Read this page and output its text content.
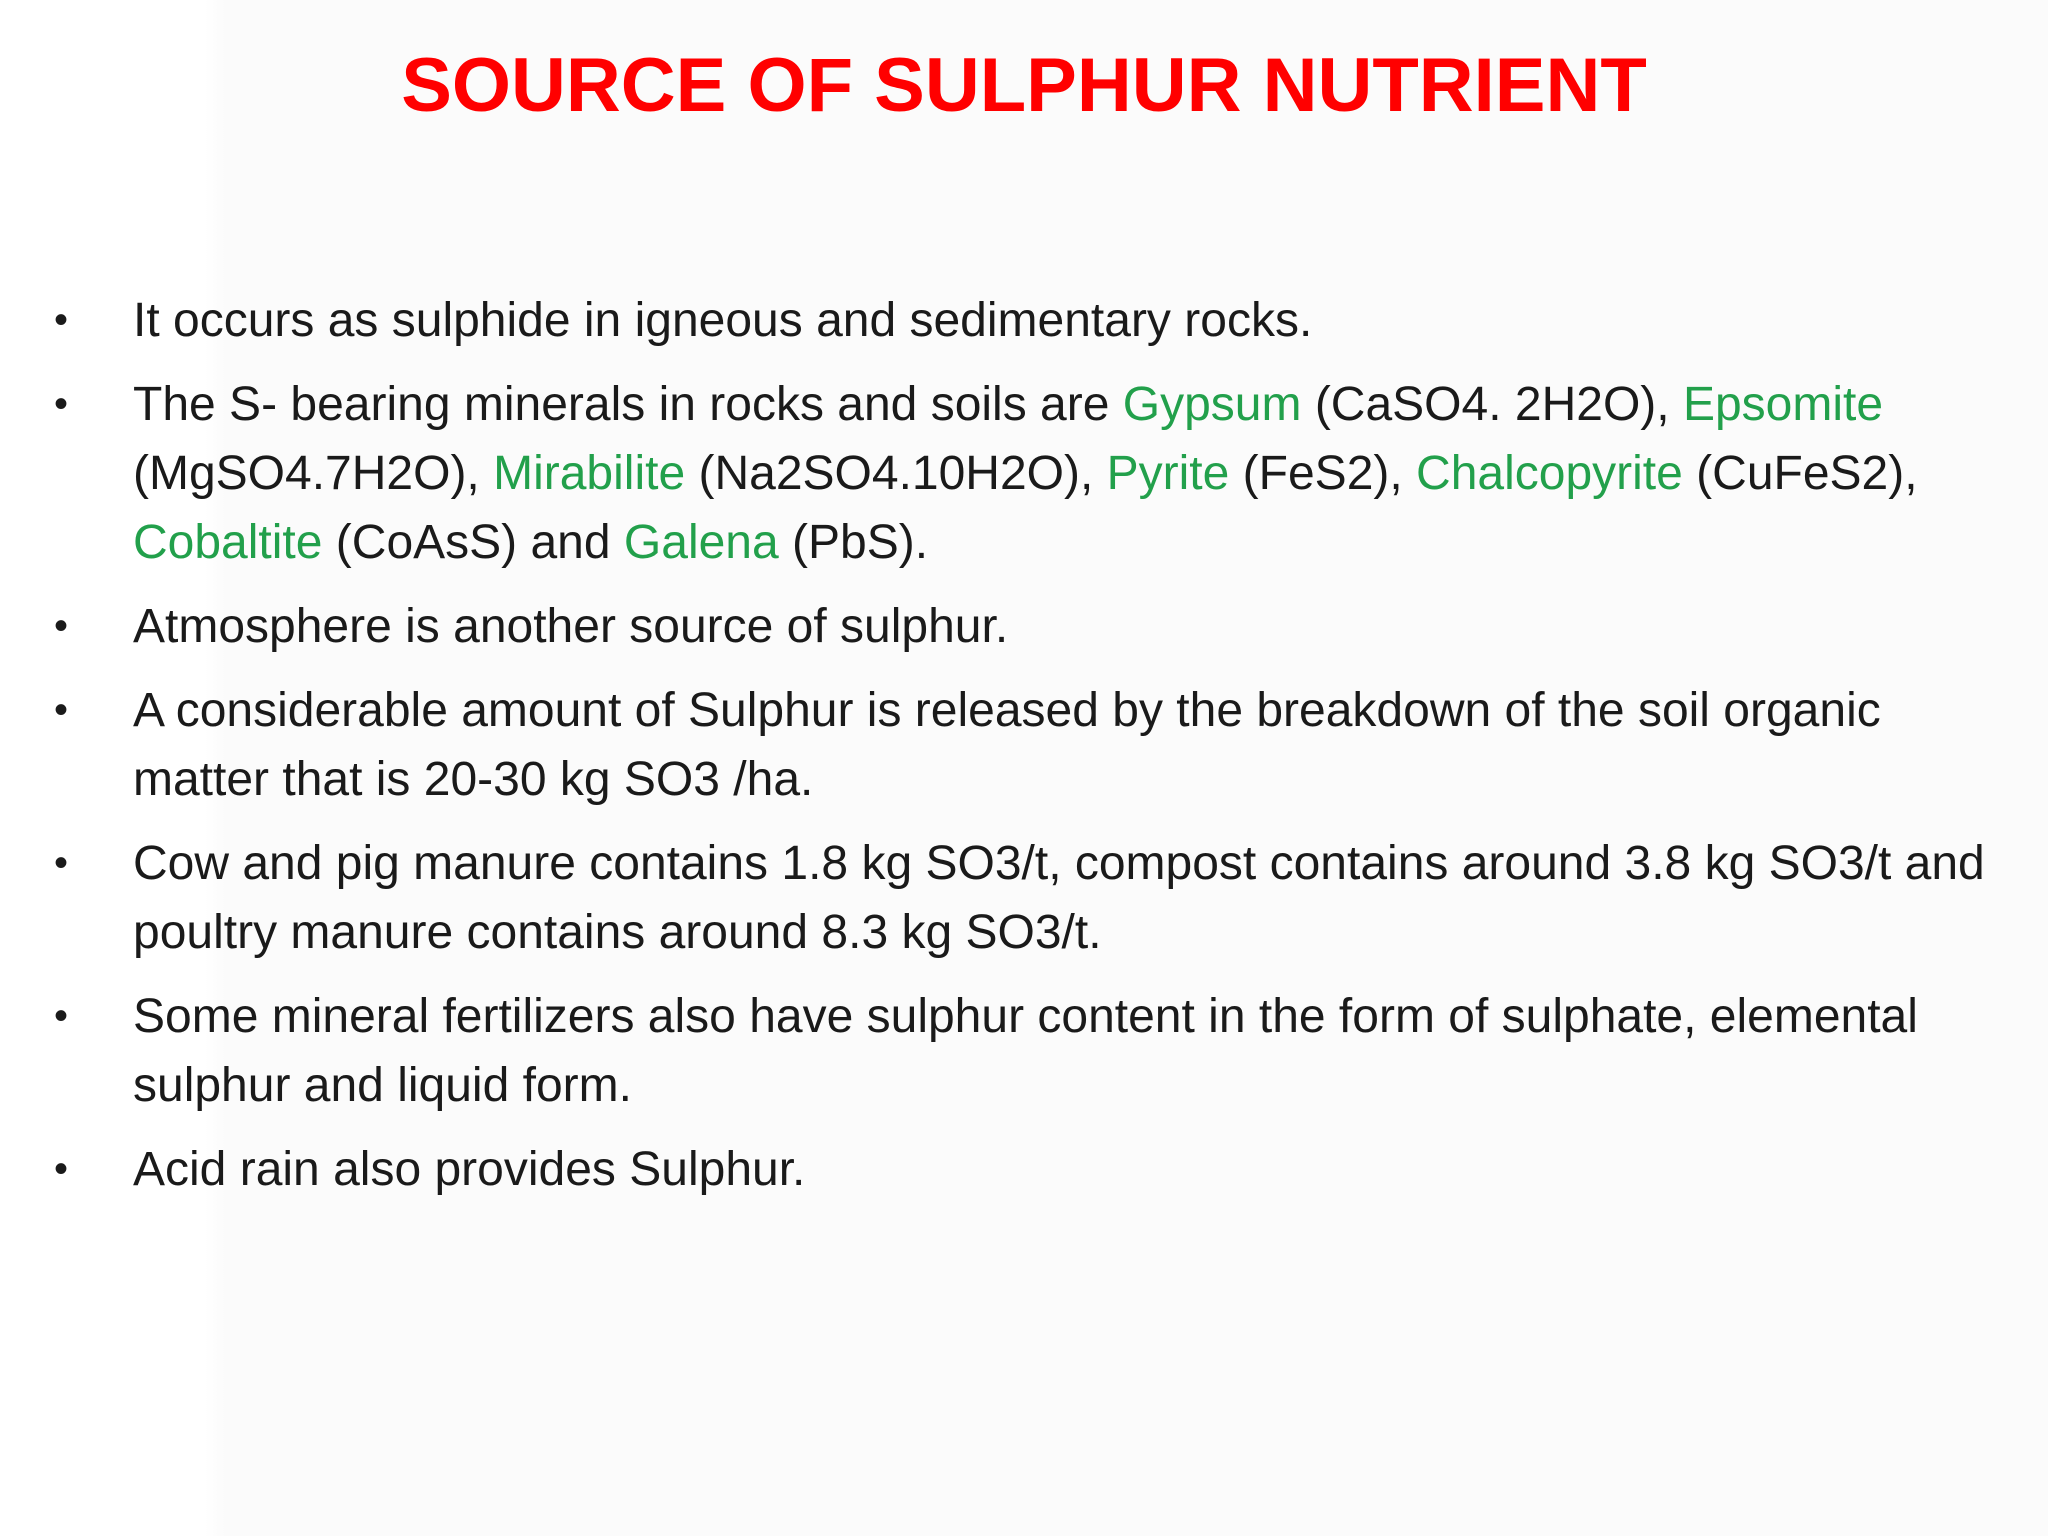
SOURCE OF SULPHUR NUTRIENT
•	It occurs as sulphide in igneous and sedimentary rocks.
•	The S- bearing minerals in rocks and soils are Gypsum (CaSO4. 2H2O), Epsomite (MgSO4.7H2O), Mirabilite (Na2SO4.10H2O), Pyrite (FeS2), Chalcopyrite (CuFeS2), Cobaltite (CoAsS) and Galena (PbS).
•	Atmosphere is another source of sulphur.
•	A considerable amount of Sulphur is released by the breakdown of the soil organic matter that is 20-30 kg SO3 /ha.
•	Cow and pig manure contains 1.8 kg SO3/t, compost contains around 3.8 kg SO3/t and poultry manure contains around 8.3 kg SO3/t.
•	Some mineral fertilizers also have sulphur content in the form of sulphate, elemental sulphur and liquid form.
•	Acid rain also provides Sulphur.
